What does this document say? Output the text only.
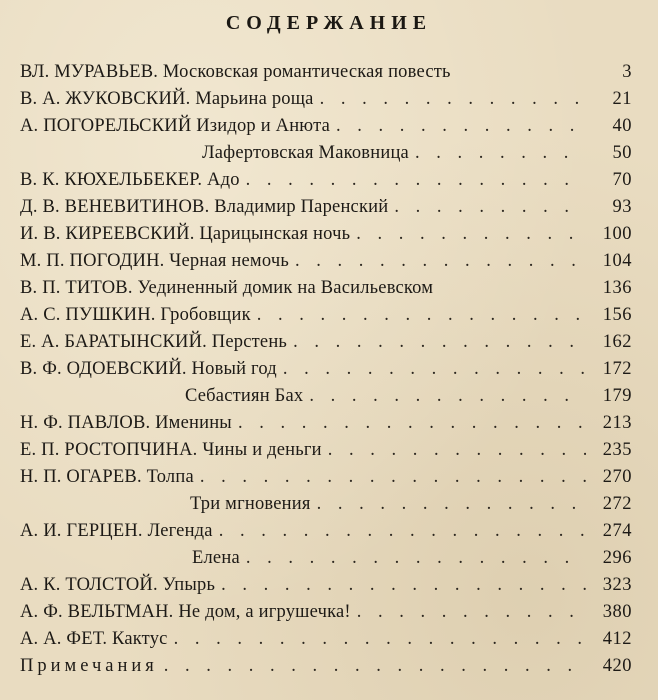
СОДЕРЖАНИЕ
ВЛ. МУРАВЬЕВ. Московская романтическая повесть	3
В. А. ЖУКОВСКИЙ. Марьина роща . . .	21
А. ПОГОРЕЛЬСКИЙ Изидор и Анюта . . .	40
Лафертовская Маковница . . .	50
В. К. КЮХЕЛЬБЕКЕР. Адо . . .	70
Д. В. ВЕНЕВИТИНОВ. Владимир Паренский . . .	93
И. В. КИРЕЕВСКИЙ. Царицынская ночь . . .	100
М. П. ПОГОДИН. Черная немочь . . .	104
В. П. ТИТОВ. Уединенный домик на Васильевском	136
А. С. ПУШКИН. Гробовщик . . .	156
Е. А. БАРАТЫНСКИЙ. Перстень . . .	162
В. Ф. ОДОЕВСКИЙ. Новый год . . .	172
Себастиян Бах . . .	179
Н. Ф. ПАВЛОВ. Именины . . .	213
Е. П. РОСТОПЧИНА. Чины и деньги . . .	235
Н. П. ОГАРЕВ. Толпа . . .	270
Три мгновения . . .	272
А. И. ГЕРЦЕН. Легенда . . .	274
Елена . . .	296
А. К. ТОЛСТОЙ. Упырь . . .	323
А. Ф. ВЕЛЬТМАН. Не дом, а игрушечка! . . .	380
А. А. ФЕТ. Кактус . . .	412
Примечания . . .	420
